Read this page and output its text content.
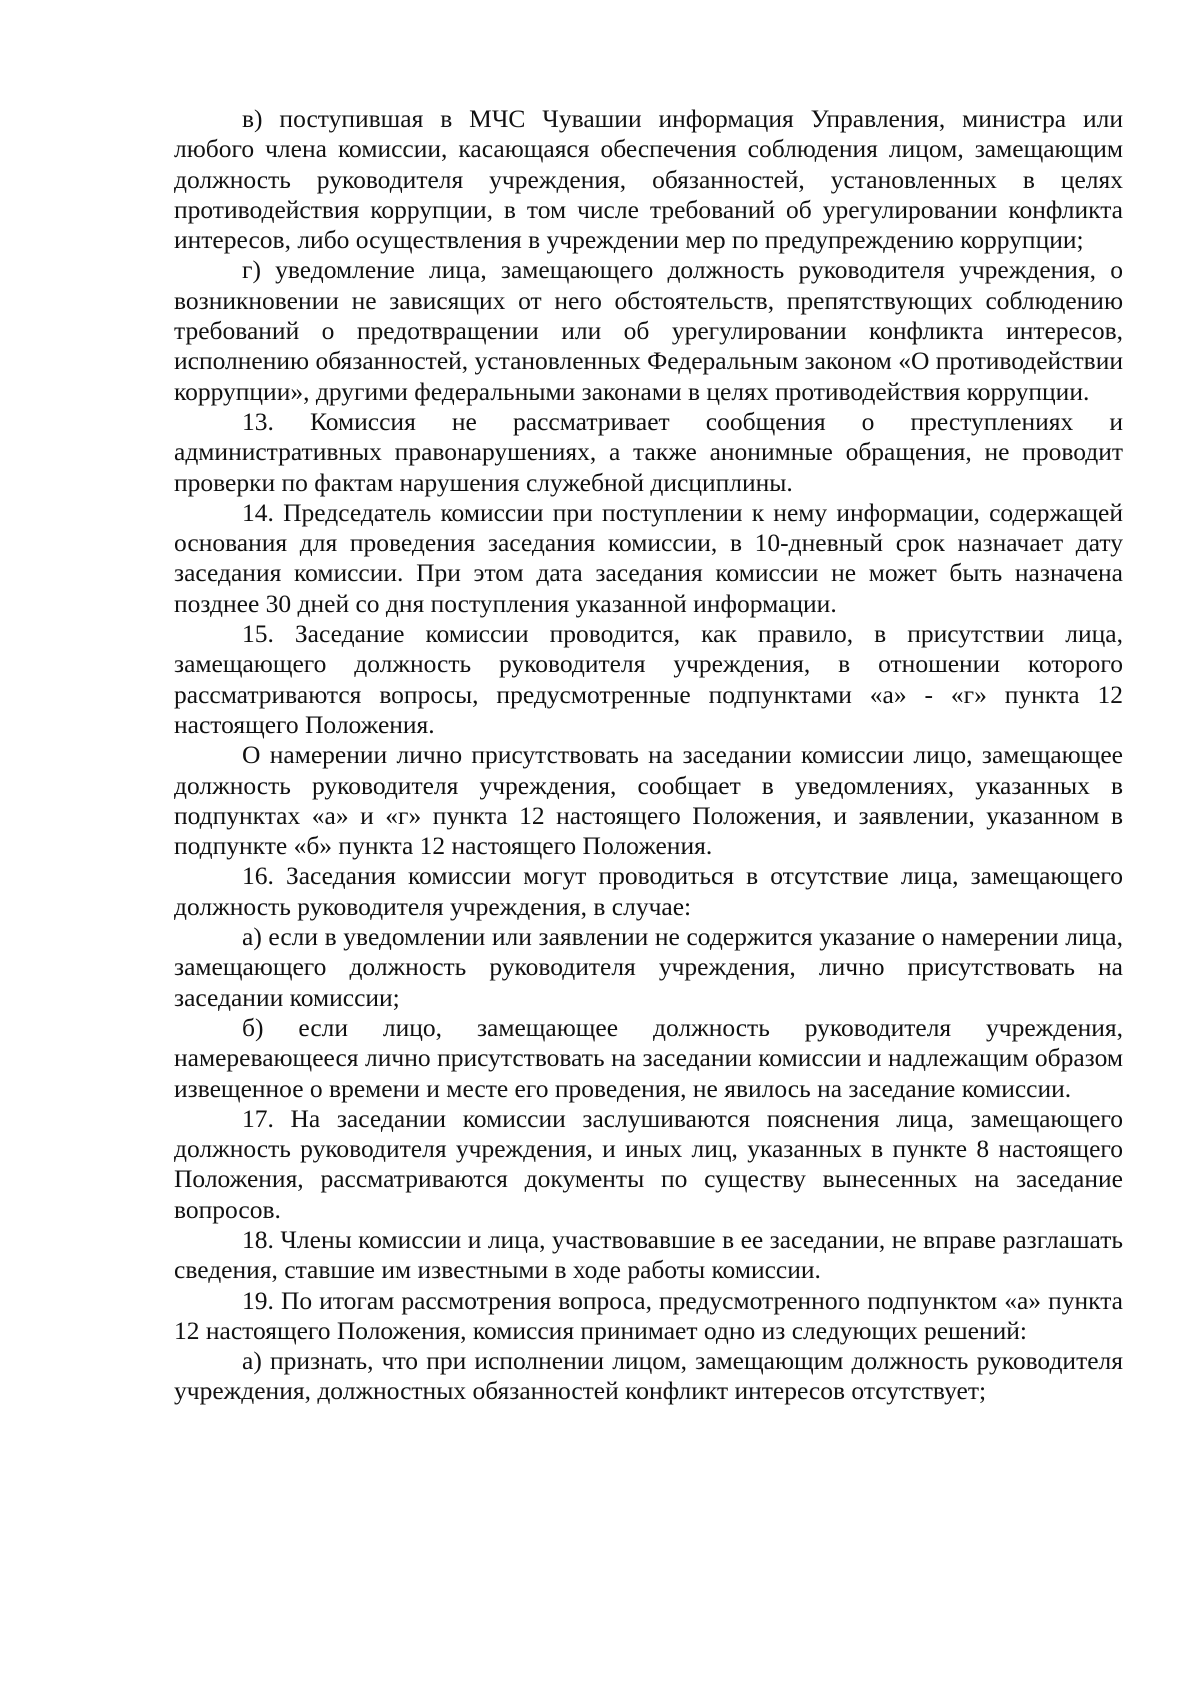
в) поступившая в МЧС Чувашии информация Управления, министра или любого члена комиссии, касающаяся обеспечения соблюдения лицом, замещающим должность руководителя учреждения, обязанностей, установленных в целях противодействия коррупции, в том числе требований об урегулировании конфликта интересов, либо осуществления в учреждении мер по предупреждению коррупции;

г) уведомление лица, замещающего должность руководителя учреждения, о возникновении не зависящих от него обстоятельств, препятствующих соблюдению требований о предотвращении или об урегулировании конфликта интересов, исполнению обязанностей, установленных Федеральным законом «О противодействии коррупции», другими федеральными законами в целях противодействия коррупции.

13. Комиссия не рассматривает сообщения о преступлениях и административных правонарушениях, а также анонимные обращения, не проводит проверки по фактам нарушения служебной дисциплины.

14. Председатель комиссии при поступлении к нему информации, содержащей основания для проведения заседания комиссии, в 10-дневный срок назначает дату заседания комиссии. При этом дата заседания комиссии не может быть назначена позднее 30 дней со дня поступления указанной информации.

15. Заседание комиссии проводится, как правило, в присутствии лица, замещающего должность руководителя учреждения, в отношении которого рассматриваются вопросы, предусмотренные подпунктами «а» - «г» пункта 12 настоящего Положения.

О намерении лично присутствовать на заседании комиссии лицо, замещающее должность руководителя учреждения, сообщает в уведомлениях, указанных в подпунктах «а» и «г» пункта 12 настоящего Положения, и заявлении, указанном в подпункте «б» пункта 12 настоящего Положения.

16. Заседания комиссии могут проводиться в отсутствие лица, замещающего должность руководителя учреждения, в случае:

а) если в уведомлении или заявлении не содержится указание о намерении лица, замещающего должность руководителя учреждения, лично присутствовать на заседании комиссии;

б) если лицо, замещающее должность руководителя учреждения, намеревающееся лично присутствовать на заседании комиссии и надлежащим образом извещенное о времени и месте его проведения, не явилось на заседание комиссии.

17. На заседании комиссии заслушиваются пояснения лица, замещающего должность руководителя учреждения, и иных лиц, указанных в пункте 8 настоящего Положения, рассматриваются документы по существу вынесенных на заседание вопросов.

18. Члены комиссии и лица, участвовавшие в ее заседании, не вправе разглашать сведения, ставшие им известными в ходе работы комиссии.

19. По итогам рассмотрения вопроса, предусмотренного подпунктом «а» пункта 12 настоящего Положения, комиссия принимает одно из следующих решений:

а) признать, что при исполнении лицом, замещающим должность руководителя учреждения, должностных обязанностей конфликт интересов отсутствует;
